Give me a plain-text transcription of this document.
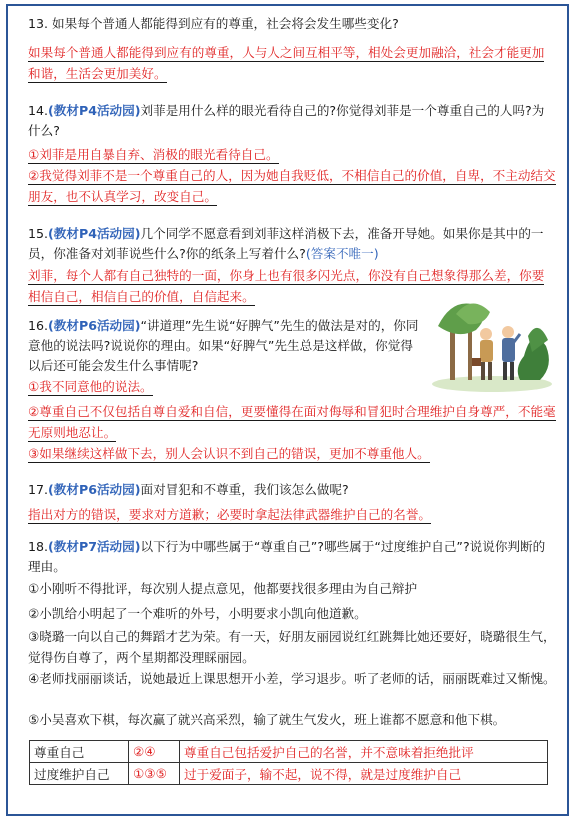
13. 如果每个普通人都能得到应有的尊重，社会将会发生哪些变化?
如果每个普通人都能得到应有的尊重，人与人之间互相平等，相处会更加融洽，社会才能更加和谐，生活会更加美好。
14.(教材P4活动园)刘菲是用什么样的眼光看待自己的?你觉得刘菲是一个尊重自己的人吗?为什么?
①刘菲是用自暴自弃、消极的眼光看待自己。
②我觉得刘菲不是一个尊重自己的人，因为她自我贬低，不相信自己的价值，自卑，不主动结交朋友，也不认真学习，改变自己。
15.(教材P4活动园)几个同学不愿意看到刘菲这样消极下去，准备开导她。如果你是其中的一员，你准备对刘菲说些什么?你的纸条上写着什么?(答案不唯一)
刘菲，每个人都有自己独特的一面，你身上也有很多闪光点，你没有自己想象得那么差，你要相信自己，相信自己的价值，自信起来。
16.(教材P6活动园)“讲道理”先生说“好脾气”先生的做法是对的，你同意他的说法吗?说说你的理由。如果“好脾气”先生总是这样做，你觉得以后还可能会发生什么事情呢?
①我不同意他的说法。
②尊重自己不仅包括自尊自爱和自信，更要懂得在面对侮辱和冒犯时合理维护自身尊严，不能毫无原则地忍让。
③如果继续这样做下去，别人会认识不到自己的错误，更加不尊重他人。
17.(教材P6活动园)面对冒犯和不尊重，我们该怎么做呢?
指出对方的错误，要求对方道歉；必要时拿起法律武器维护自己的名誉。
18.(教材P7活动园)以下行为中哪些属于“尊重自己”?哪些属于“过度维护自己”?说说你判断的理由。
①小刚听不得批评，每次别人提点意见，他都要找很多理由为自己辩护
②小凯给小明起了一个难听的外号，小明要求小凯向他道歉。
③晓璐一向以自己的舞蹈才艺为荣。有一天，好朋友丽园说红红跳舞比她还要好，晓璐很生气，觉得伤自尊了，两个星期都没理睬丽园。
④老师找丽丽谈话，说她最近上课思想开小差，学习退步。听了老师的话，丽丽既难过又惭愧。
⑤小吴喜欢下棋，每次赢了就兴高采烈，输了就生气发火，班上谁都不愿意和他下棋。
尊重自己	②④	尊重自己包括爱护自己的名誉，并不意味着拒绝批评
过度维护自己	①③⑤	过于爱面子，输不起，说不得，就是过度维护自己
